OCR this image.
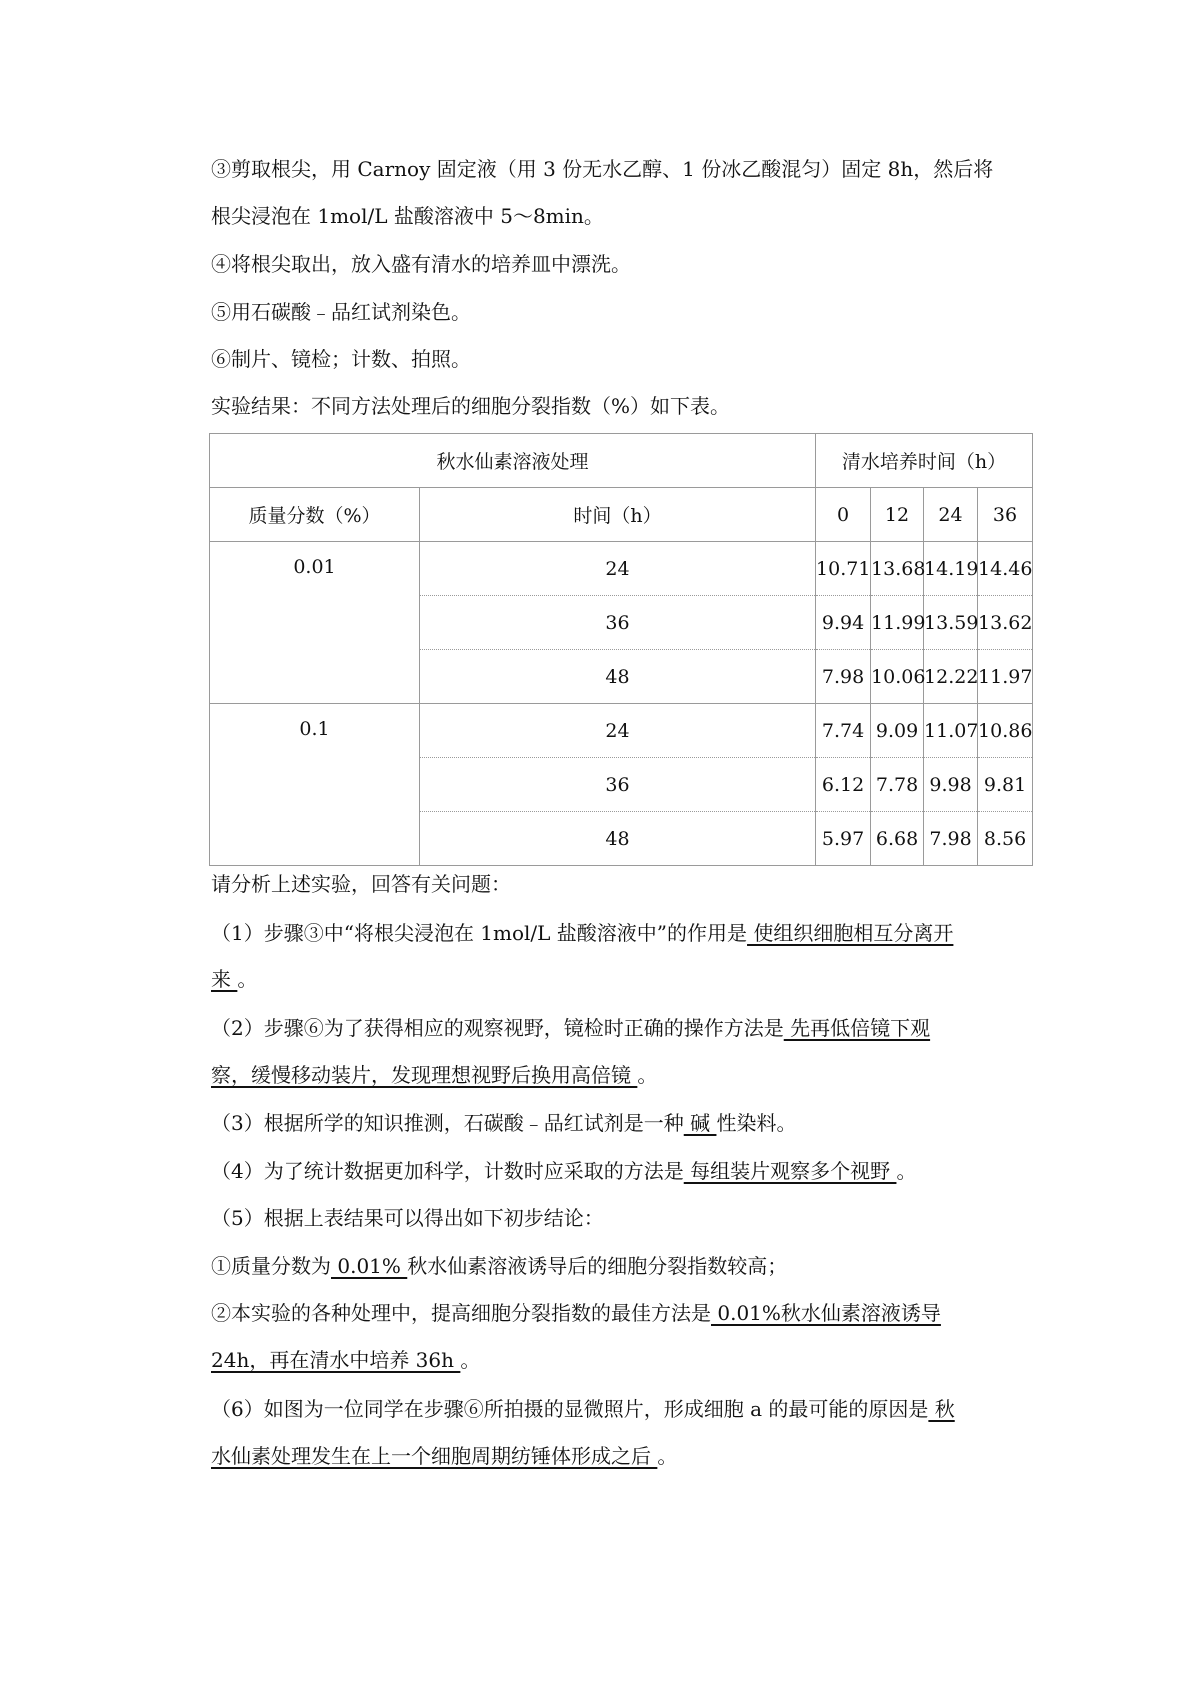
③剪取根尖，用 Carnoy 固定液（用 3 份无水乙醇、1 份冰乙酸混匀）固定 8h，然后将
根尖浸泡在 1mol/L 盐酸溶液中 5～8min。
④将根尖取出，放入盛有清水的培养皿中漂洗。
⑤用石碳酸﹣品红试剂染色。
⑥制片、镜检；计数、拍照。
实验结果：不同方法处理后的细胞分裂指数（%）如下表。
秋水仙素溶液处理		清水培养时间（h）			
质量分数（%）	时间（h）	0	12	24	36
0.01	24	10.71	13.68	14.19	14.46
	36	9.94	11.99	13.59	13.62
	48	7.98	10.06	12.22	11.97
0.1	24	7.74	9.09	11.07	10.86
	36	6.12	7.78	9.98	9.81
	48	5.97	6.68	7.98	8.56
请分析上述实验，回答有关问题：
（1）步骤③中“将根尖浸泡在 1mol/L 盐酸溶液中”的作用是 使组织细胞相互分离开
来 。
（2）步骤⑥为了获得相应的观察视野，镜检时正确的操作方法是 先再低倍镜下观
察，缓慢移动装片，发现理想视野后换用高倍镜 。
（3）根据所学的知识推测，石碳酸﹣品红试剂是一种 碱 性染料。
（4）为了统计数据更加科学，计数时应采取的方法是 每组装片观察多个视野 。
（5）根据上表结果可以得出如下初步结论：
①质量分数为 0.01% 秋水仙素溶液诱导后的细胞分裂指数较高；
②本实验的各种处理中，提高细胞分裂指数的最佳方法是 0.01%秋水仙素溶液诱导
24h，再在清水中培养 36h 。
（6）如图为一位同学在步骤⑥所拍摄的显微照片，形成细胞 a 的最可能的原因是 秋
水仙素处理发生在上一个细胞周期纺锤体形成之后 。
